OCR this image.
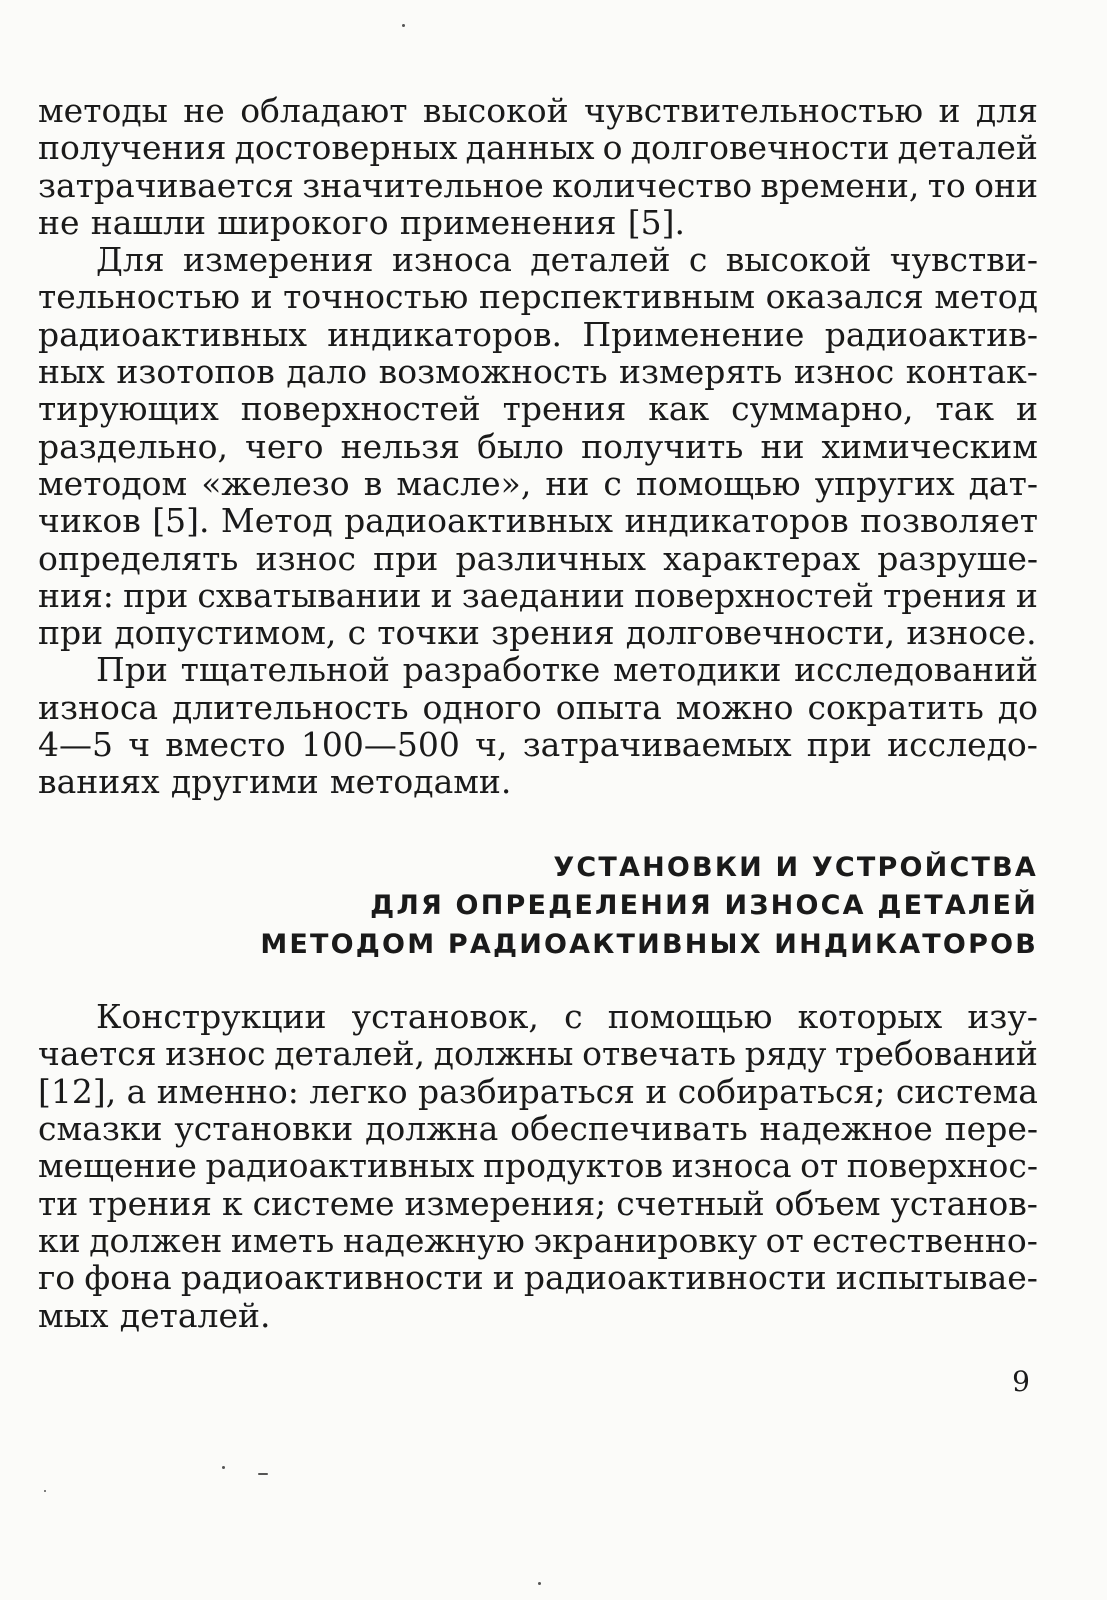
методы не обладают высокой чувствительностью и для
получения достоверных данных о долговечности деталей
затрачивается значительное количество времени, то они
не нашли широкого применения [5].
Для измерения износа деталей с высокой чувстви-
тельностью и точностью перспективным оказался метод
радиоактивных индикаторов. Применение радиоактив-
ных изотопов дало возможность измерять износ контак-
тирующих поверхностей трения как суммарно, так и
раздельно, чего нельзя было получить ни химическим
методом «железо в масле», ни с помощью упругих дат-
чиков [5]. Метод радиоактивных индикаторов позволяет
определять износ при различных характерах разруше-
ния: при схватывании и заедании поверхностей трения и
при допустимом, с точки зрения долговечности, износе.
При тщательной разработке методики исследований
износа длительность одного опыта можно сократить до
4—5 ч вместо 100—500 ч, затрачиваемых при исследо-
ваниях другими методами.
УСТАНОВКИ И УСТРОЙСТВА
ДЛЯ ОПРЕДЕЛЕНИЯ ИЗНОСА ДЕТАЛЕЙ
МЕТОДОМ РАДИОАКТИВНЫХ ИНДИКАТОРОВ
Конструкции установок, с помощью которых изу-
чается износ деталей, должны отвечать ряду требований
[12], а именно: легко разбираться и собираться; система
смазки установки должна обеспечивать надежное пере-
мещение радиоактивных продуктов износа от поверхнос-
ти трения к системе измерения; счетный объем установ-
ки должен иметь надежную экранировку от естественно-
го фона радиоактивности и радиоактивности испытывае-
мых деталей.
9
